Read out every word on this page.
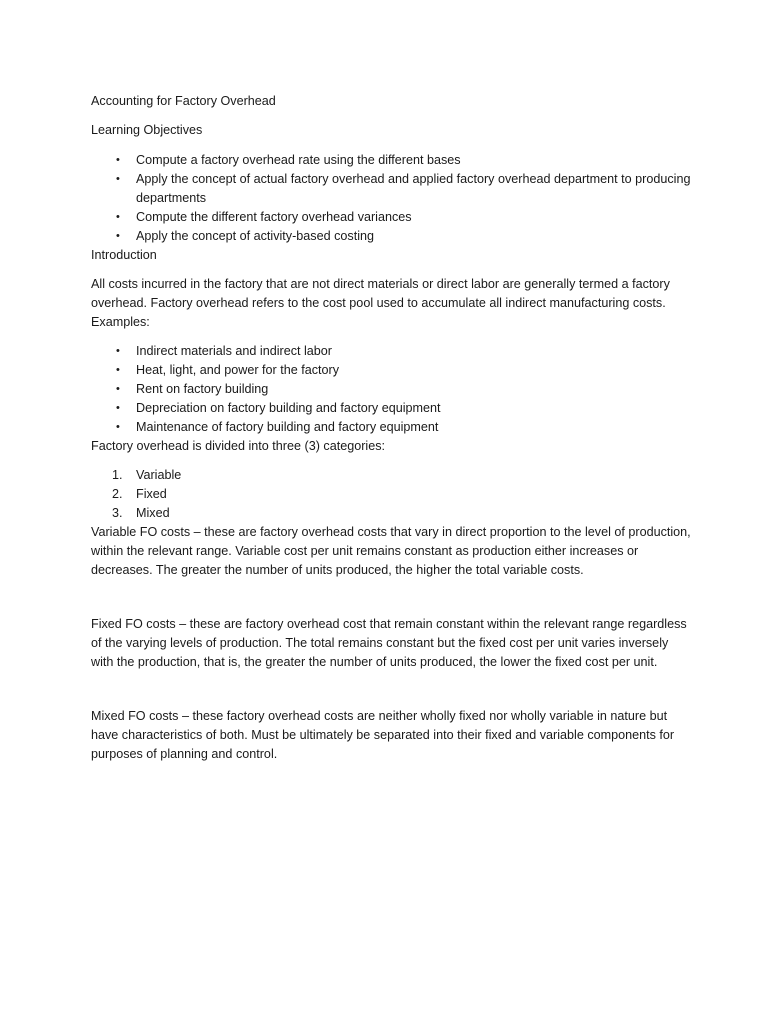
Accounting for Factory Overhead

Learning Objectives

• Compute a factory overhead rate using the different bases
• Apply the concept of actual factory overhead and applied factory overhead department to producing departments
• Compute the different factory overhead variances
• Apply the concept of activity-based costing

Introduction

All costs incurred in the factory that are not direct materials or direct labor are generally termed a factory overhead. Factory overhead refers to the cost pool used to accumulate all indirect manufacturing costs. Examples:

• Indirect materials and indirect labor
• Heat, light, and power for the factory
• Rent on factory building
• Depreciation on factory building and factory equipment
• Maintenance of factory building and factory equipment

Factory overhead is divided into three (3) categories:

1. Variable
2. Fixed
3. Mixed

Variable FO costs – these are factory overhead costs that vary in direct proportion to the level of production, within the relevant range. Variable cost per unit remains constant as production either increases or decreases. The greater the number of units produced, the higher the total variable costs.

Fixed FO costs – these are factory overhead cost that remain constant within the relevant range regardless of the varying levels of production. The total remains constant but the fixed cost per unit varies inversely with the production, that is, the greater the number of units produced, the lower the fixed cost per unit.

Mixed FO costs – these factory overhead costs are neither wholly fixed nor wholly variable in nature but have characteristics of both. Must be ultimately be separated into their fixed and variable components for purposes of planning and control.
